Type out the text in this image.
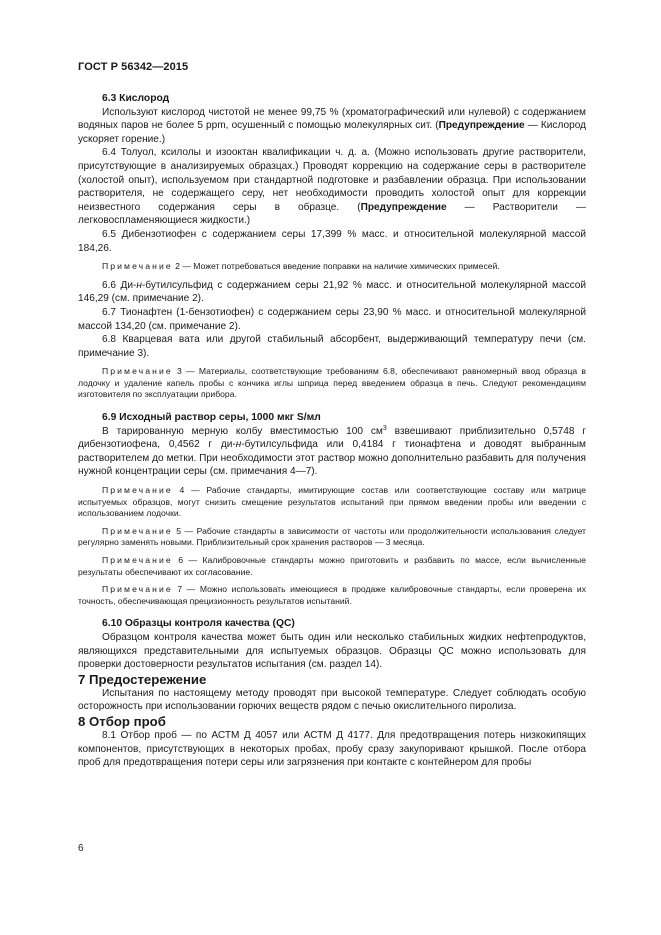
ГОСТ Р 56342—2015

6.3 Кислород

Используют кислород чистотой не менее 99,75 % (хроматографический или нулевой) с содержанием водяных паров не более 5 ppm, осушенный с помощью молекулярных сит. (Предупреждение — Кислород ускоряет горение.)

6.4 Толуол, ксилолы и изооктан квалификации ч. д. а. (Можно использовать другие растворители, присутствующие в анализируемых образцах.) Проводят коррекцию на содержание серы в растворителе (холостой опыт), используемом при стандартной подготовке и разбавлении образца. При использовании растворителя, не содержащего серу, нет необходимости проводить холостой опыт для коррекции неизвестного содержания серы в образце. (Предупреждение — Растворители — легковоспламеняющиеся жидкости.)

6.5 Дибензотиофен с содержанием серы 17,399 % масс. и относительной молекулярной массой 184,26.

Примечание 2 — Может потребоваться введение поправки на наличие химических примесей.

6.6 Ди-н-бутилсульфид с содержанием серы 21,92 % масс. и относительной молекулярной массой 146,29 (см. примечание 2).

6.7 Тионафтен (1-бензотиофен) с содержанием серы 23,90 % масс. и относительной молекулярной массой 134,20 (см. примечание 2).

6.8 Кварцевая вата или другой стабильный абсорбент, выдерживающий температуру печи (см. примечание 3).

Примечание 3 — Материалы, соответствующие требованиям 6.8, обеспечивают равномерный ввод образца в лодочку и удаление капель пробы с кончика иглы шприца перед введением образца в печь. Следуют рекомендациям изготовителя по эксплуатации прибора.

6.9 Исходный раствор серы, 1000 мкг S/мл

В тарированную мерную колбу вместимостью 100 $см^3$ взвешивают приблизительно 0,5748 г дибензотиофена, 0,4562 г ди-н-бутилсульфида или 0,4184 г тионафтена и доводят выбранным растворителем до метки. При необходимости этот раствор можно дополнительно разбавить для получения нужной концентрации серы (см. примечания 4—7).

Примечание 4 — Рабочие стандарты, имитирующие состав или соответствующие составу или матрице испытуемых образцов, могут снизить смещение результатов испытаний при прямом введении пробы или введении с использованием лодочки.

Примечание 5 — Рабочие стандарты в зависимости от частоты или продолжительности использования следует регулярно заменять новыми. Приблизительный срок хранения растворов — 3 месяца.

Примечание 6 — Калибровочные стандарты можно приготовить и разбавить по массе, если вычисленные результаты обеспечивают их согласование.

Примечание 7 — Можно использовать имеющиеся в продаже калибровочные стандарты, если проверена их точность, обеспечивающая прецизионность результатов испытаний.

6.10 Образцы контроля качества (QC)

Образцом контроля качества может быть один или несколько стабильных жидких нефтепродуктов, являющихся представительными для испытуемых образцов. Образцы QC можно использовать для проверки достоверности результатов испытания (см. раздел 14).

7 Предостережение

Испытания по настоящему методу проводят при высокой температуре. Следует соблюдать особую осторожность при использовании горючих веществ рядом с печью окислительного пиролиза.

8 Отбор проб

8.1 Отбор проб — по АСТМ Д 4057 или АСТМ Д 4177. Для предотвращения потерь низкокипящих компонентов, присутствующих в некоторых пробах, пробу сразу закупоривают крышкой. После отбора проб для предотвращения потери серы или загрязнения при контакте с контейнером для пробы

6
